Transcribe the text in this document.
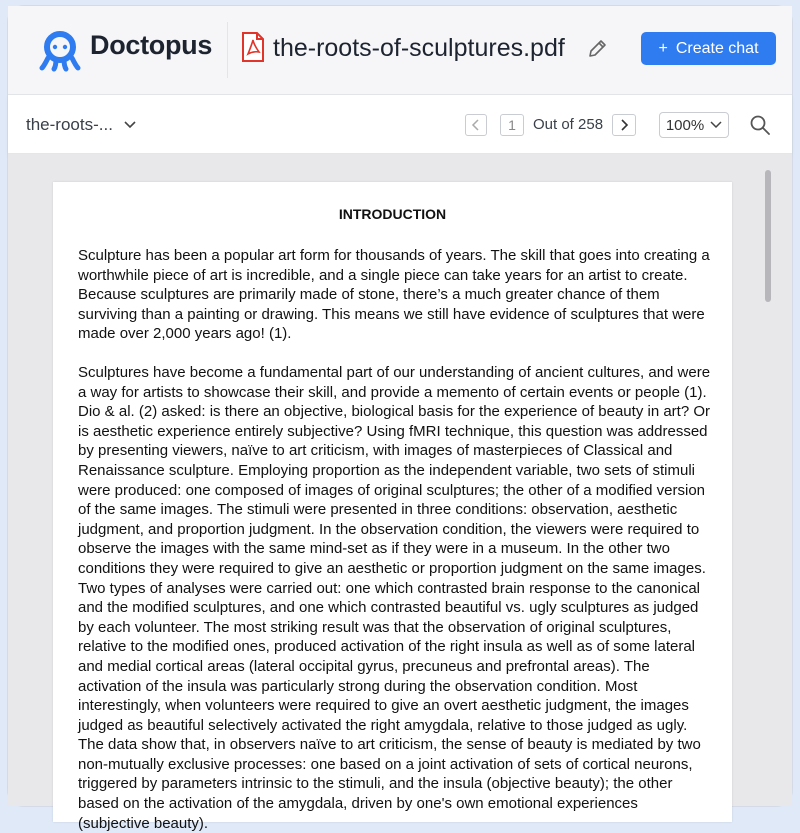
Doctopus the-roots-of-sculptures.pdf	+ Create chat
the-roots-...	1	Out of 258	100%
INTRODUCTION

Sculpture has been a popular art form for thousands of years. The skill that goes into creating a worthwhile piece of art is incredible, and a single piece can take years for an artist to create. Because sculptures are primarily made of stone, there’s a much greater chance of them surviving than a painting or drawing. This means we still have evidence of sculptures that were made over 2,000 years ago! (1).

Sculptures have become a fundamental part of our understanding of ancient cultures, and were a way for artists to showcase their skill, and provide a memento of certain events or people (1). Dio & al. (2) asked: is there an objective, biological basis for the experience of beauty in art? Or is aesthetic experience entirely subjective? Using fMRI technique, this question was addressed by presenting viewers, naïve to art criticism, with images of masterpieces of Classical and Renaissance sculpture. Employing proportion as the independent variable, two sets of stimuli were produced: one composed of images of original sculptures; the other of a modified version of the same images. The stimuli were presented in three conditions: observation, aesthetic judgment, and proportion judgment. In the observation condition, the viewers were required to observe the images with the same mind-set as if they were in a museum. In the other two conditions they were required to give an aesthetic or proportion judgment on the same images. Two types of analyses were carried out: one which contrasted brain response to the canonical and the modified sculptures, and one which contrasted beautiful vs. ugly sculptures as judged by each volunteer. The most striking result was that the observation of original sculptures, relative to the modified ones, produced activation of the right insula as well as of some lateral and medial cortical areas (lateral occipital gyrus, precuneus and prefrontal areas). The activation of the insula was particularly strong during the observation condition. Most interestingly, when volunteers were required to give an overt aesthetic judgment, the images judged as beautiful selectively activated the right amygdala, relative to those judged as ugly. The data show that, in observers naïve to art criticism, the sense of beauty is mediated by two non-mutually exclusive processes: one based on a joint activation of sets of cortical neurons, triggered by parameters intrinsic to the stimuli, and the insula (objective beauty); the other based on the activation of the amygdala, driven by one's own emotional experiences (subjective beauty).
